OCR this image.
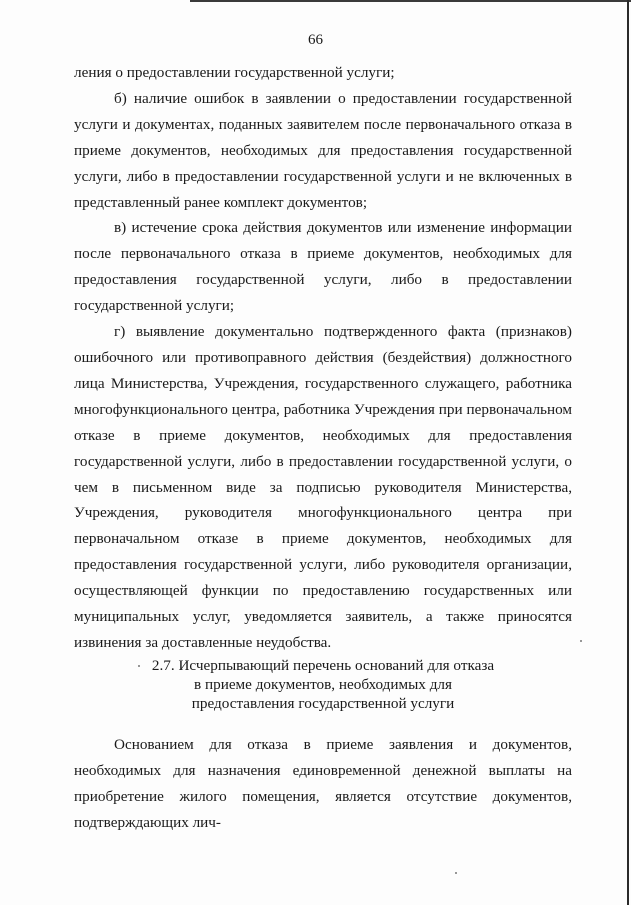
66

ления о предоставлении государственной услуги;

б) наличие ошибок в заявлении о предоставлении государственной услуги и документах, поданных заявителем после первоначального отказа в приеме документов, необходимых для предоставления государственной услуги, либо в предоставлении государственной услуги и не включенных в представленный ранее комплект документов;

в) истечение срока действия документов или изменение информации после первоначального отказа в приеме документов, необходимых для предоставления государственной услуги, либо в предоставлении государственной услуги;

г) выявление документально подтвержденного факта (признаков) ошибочного или противоправного действия (бездействия) должностного лица Министерства, Учреждения, государственного служащего, работника многофункционального центра, работника Учреждения при первоначальном отказе в приеме документов, необходимых для предоставления государственной услуги, либо в предоставлении государственной услуги, о чем в письменном виде за подписью руководителя Министерства, Учреждения, руководителя многофункционального центра при первоначальном отказе в приеме документов, необходимых для предоставления государственной услуги, либо руководителя организации, осуществляющей функции по предоставлению государственных или муниципальных услуг, уведомляется заявитель, а также приносятся извинения за доставленные неудобства.

2.7. Исчерпывающий перечень оснований для отказа
в приеме документов, необходимых для
предоставления государственной услуги

Основанием для отказа в приеме заявления и документов, необходимых для назначения единовременной денежной выплаты на приобретение жилого помещения, является отсутствие документов, подтверждающих лич-
